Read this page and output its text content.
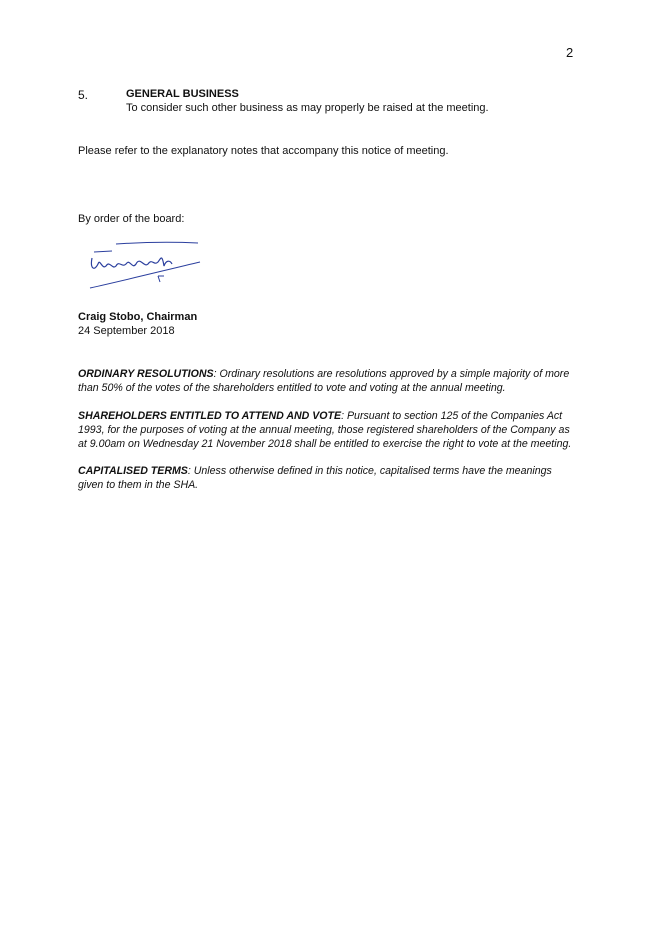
2
5.	GENERAL BUSINESS
To consider such other business as may properly be raised at the meeting.
Please refer to the explanatory notes that accompany this notice of meeting.
By order of the board:
Craig Stobo, Chairman
24 September 2018
ORDINARY RESOLUTIONS: Ordinary resolutions are resolutions approved by a simple majority of more than 50% of the votes of the shareholders entitled to vote and voting at the annual meeting.
SHAREHOLDERS ENTITLED TO ATTEND AND VOTE: Pursuant to section 125 of the Companies Act 1993, for the purposes of voting at the annual meeting, those registered shareholders of the Company as at 9.00am on Wednesday 21 November 2018 shall be entitled to exercise the right to vote at the meeting.
CAPITALISED TERMS: Unless otherwise defined in this notice, capitalised terms have the meanings given to them in the SHA.
